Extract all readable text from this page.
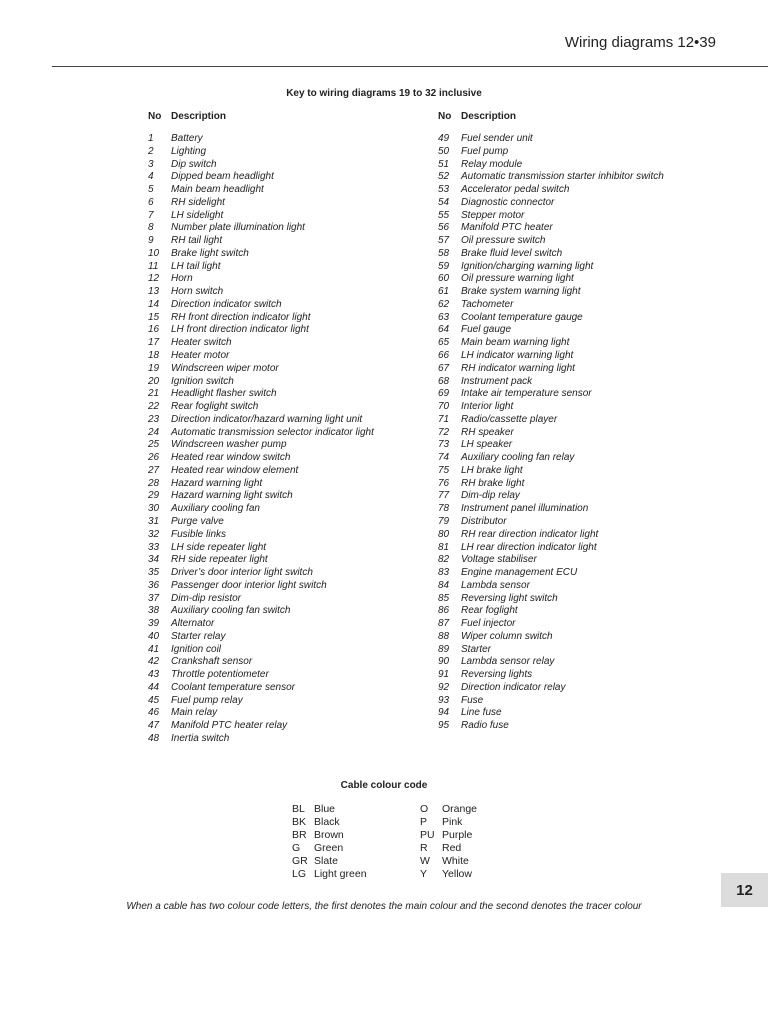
Wiring diagrams 12•39
Key to wiring diagrams 19 to 32 inclusive
No Description
1 Battery
2 Lighting
3 Dip switch
4 Dipped beam headlight
5 Main beam headlight
6 RH sidelight
7 LH sidelight
8 Number plate illumination light
9 RH tail light
10 Brake light switch
11 LH tail light
12 Horn
13 Horn switch
14 Direction indicator switch
15 RH front direction indicator light
16 LH front direction indicator light
17 Heater switch
18 Heater motor
19 Windscreen wiper motor
20 Ignition switch
21 Headlight flasher switch
22 Rear foglight switch
23 Direction indicator/hazard warning light unit
24 Automatic transmission selector indicator light
25 Windscreen washer pump
26 Heated rear window switch
27 Heated rear window element
28 Hazard warning light
29 Hazard warning light switch
30 Auxiliary cooling fan
31 Purge valve
32 Fusible links
33 LH side repeater light
34 RH side repeater light
35 Driver’s door interior light switch
36 Passenger door interior light switch
37 Dim-dip resistor
38 Auxiliary cooling fan switch
39 Alternator
40 Starter relay
41 Ignition coil
42 Crankshaft sensor
43 Throttle potentiometer
44 Coolant temperature sensor
45 Fuel pump relay
46 Main relay
47 Manifold PTC heater relay
48 Inertia switch
No Description
49 Fuel sender unit
50 Fuel pump
51 Relay module
52 Automatic transmission starter inhibitor switch
53 Accelerator pedal switch
54 Diagnostic connector
55 Stepper motor
56 Manifold PTC heater
57 Oil pressure switch
58 Brake fluid level switch
59 Ignition/charging warning light
60 Oil pressure warning light
61 Brake system warning light
62 Tachometer
63 Coolant temperature gauge
64 Fuel gauge
65 Main beam warning light
66 LH indicator warning light
67 RH indicator warning light
68 Instrument pack
69 Intake air temperature sensor
70 Interior light
71 Radio/cassette player
72 RH speaker
73 LH speaker
74 Auxiliary cooling fan relay
75 LH brake light
76 RH brake light
77 Dim-dip relay
78 Instrument panel illumination
79 Distributor
80 RH rear direction indicator light
81 LH rear direction indicator light
82 Voltage stabiliser
83 Engine management ECU
84 Lambda sensor
85 Reversing light switch
86 Rear foglight
87 Fuel injector
88 Wiper column switch
89 Starter
90 Lambda sensor relay
91 Reversing lights
92 Direction indicator relay
93 Fuse
94 Line fuse
95 Radio fuse
Cable colour code
BL Blue
BK Black
BR Brown
G Green
GR Slate
LG Light green
O Orange
P Pink
PU Purple
R Red
W White
Y Yellow
When a cable has two colour code letters, the first denotes the main colour and the second denotes the tracer colour
12
